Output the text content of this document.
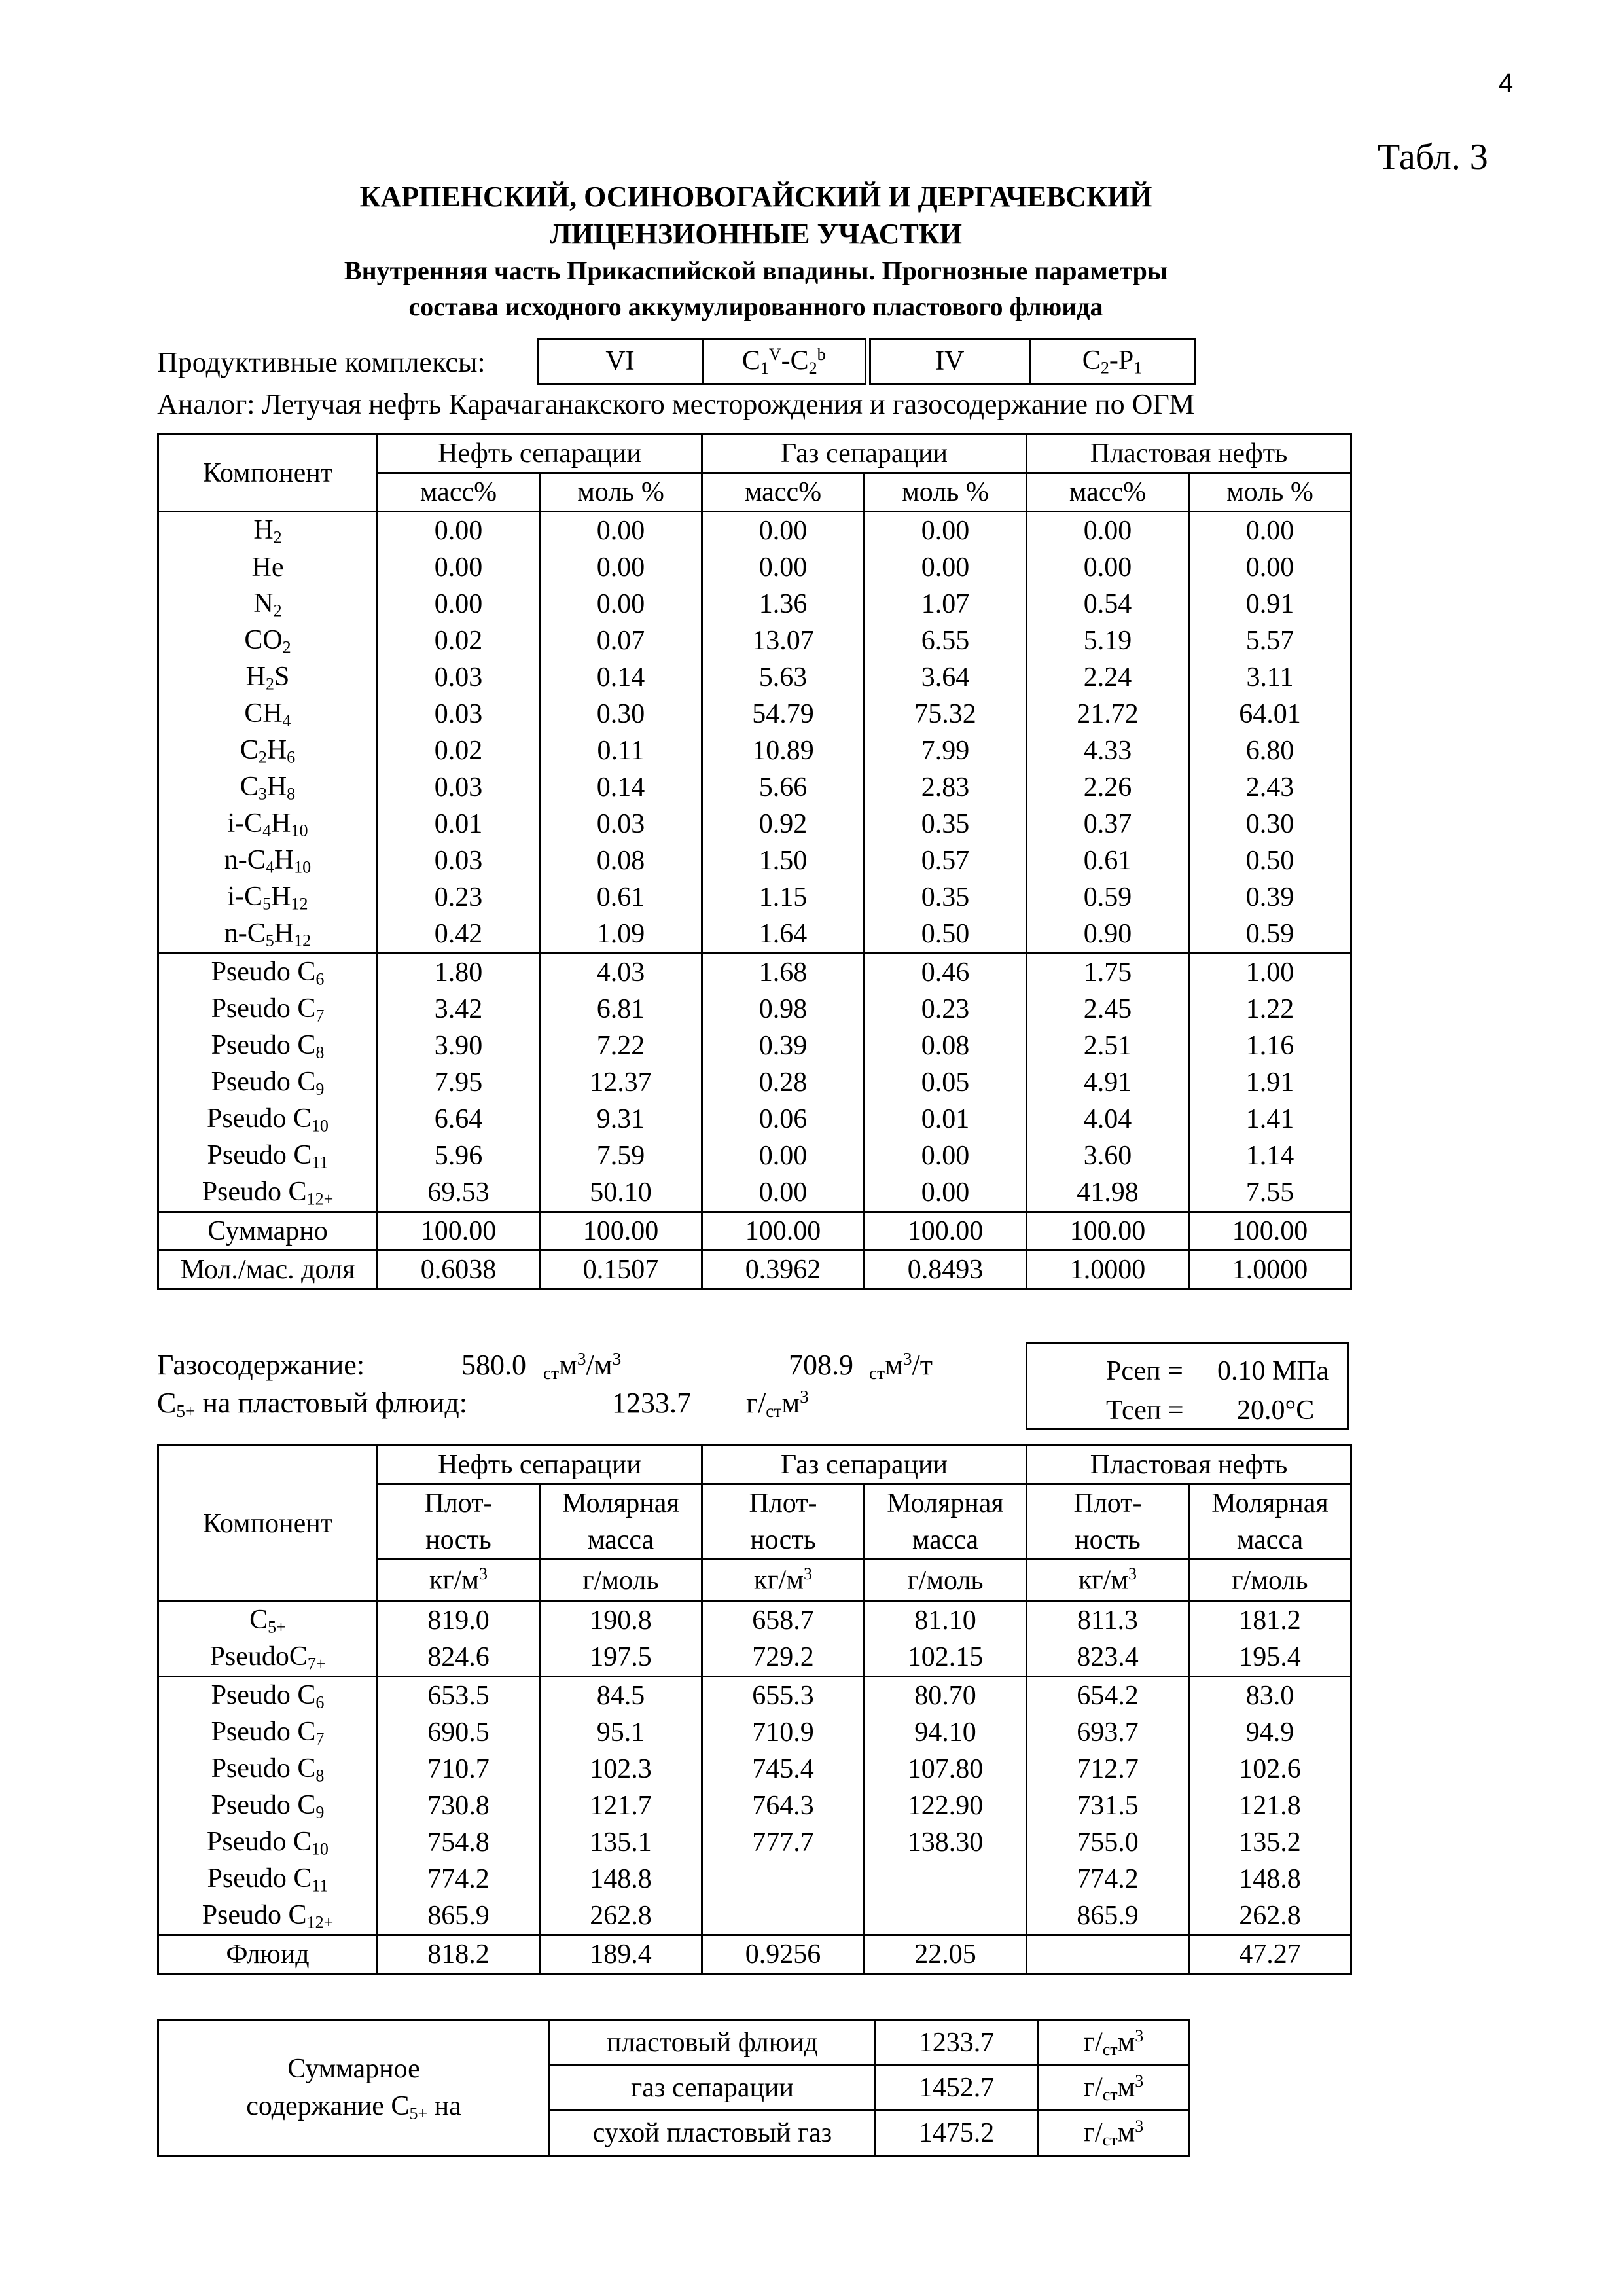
4
Табл. 3
КАРПЕНСКИЙ, ОСИНОВОГАЙСКИЙ И ДЕРГАЧЕВСКИЙ
ЛИЦЕНЗИОННЫЕ УЧАСТКИ
Внутренняя часть Прикаспийской впадины. Прогнозные параметры
состава исходного аккумулированного пластового флюида
Продуктивные комплексы:	VI	$C_1^V-C_2^b$	IV	$C_2-P_1$
Аналог: Летучая нефть Карачаганакского месторождения и газосодержание по ОГМ
Компонент	Нефть сепарации		Газ сепарации		Пластовая нефть	
	масс%	моль %	масс%	моль %	масс%	моль %
$H_2$	0.00	0.00	0.00	0.00	0.00	0.00
He	0.00	0.00	0.00	0.00	0.00	0.00
$N_2$	0.00	0.00	1.36	1.07	0.54	0.91
$CO_2$	0.02	0.07	13.07	6.55	5.19	5.57
$H_2S$	0.03	0.14	5.63	3.64	2.24	3.11
$CH_4$	0.03	0.30	54.79	75.32	21.72	64.01
$C_2H_6$	0.02	0.11	10.89	7.99	4.33	6.80
$C_3H_8$	0.03	0.14	5.66	2.83	2.26	2.43
$i-C_4H_{10}$	0.01	0.03	0.92	0.35	0.37	0.30
$n-C_4H_{10}$	0.03	0.08	1.50	0.57	0.61	0.50
$i-C_5H_{12}$	0.23	0.61	1.15	0.35	0.59	0.39
$n-C_5H_{12}$	0.42	1.09	1.64	0.50	0.90	0.59
Pseudo $C_6$	1.80	4.03	1.68	0.46	1.75	1.00
Pseudo $C_7$	3.42	6.81	0.98	0.23	2.45	1.22
Pseudo $C_8$	3.90	7.22	0.39	0.08	2.51	1.16
Pseudo $C_9$	7.95	12.37	0.28	0.05	4.91	1.91
Pseudo $C_{10}$	6.64	9.31	0.06	0.01	4.04	1.41
Pseudo $C_{11}$	5.96	7.59	0.00	0.00	3.60	1.14
Pseudo $C_{12+}$	69.53	50.10	0.00	0.00	41.98	7.55
Суммарно	100.00	100.00	100.00	100.00	100.00	100.00
Мол./мас. доля	0.6038	0.1507	0.3962	0.8493	1.0000	1.0000
Газосодержание:	580.0 $_{ст}м^3/м^3$	708.9 $_{ст}м^3/т$
$С_{5+}$ на пластовый флюид:	1233.7 $г/_{ст}м^3$
Рсеп = 0.10 МПа
Тсеп = 20.0°С
Компонент	Нефть сепарации		Газ сепарации		Пластовая нефть	
	Плот-	Молярная	Плот-	Молярная	Плот-	Молярная
	ность	масса	ность	масса	ность	масса
	$кг/м^3$	г/моль	$кг/м^3$	г/моль	$кг/м^3$	г/моль
$C_{5+}$	819.0	190.8	658.7	81.10	811.3	181.2
PseudoC$_{7+}$	824.6	197.5	729.2	102.15	823.4	195.4
Pseudo $C_6$	653.5	84.5	655.3	80.70	654.2	83.0
Pseudo $C_7$	690.5	95.1	710.9	94.10	693.7	94.9
Pseudo $C_8$	710.7	102.3	745.4	107.80	712.7	102.6
Pseudo $C_9$	730.8	121.7	764.3	122.90	731.5	121.8
Pseudo $C_{10}$	754.8	135.1	777.7	138.30	755.0	135.2
Pseudo $C_{11}$	774.2	148.8			774.2	148.8
Pseudo $C_{12+}$	865.9	262.8			865.9	262.8
Флюид	818.2	189.4	0.9256	22.05		47.27
Суммарное
содержание $С_{5+}$ на	пластовый флюид	1233.7	$г/_{ст}м^3$
	газ сепарации	1452.7	$г/_{ст}м^3$
	сухой пластовый газ	1475.2	$г/_{ст}м^3$
